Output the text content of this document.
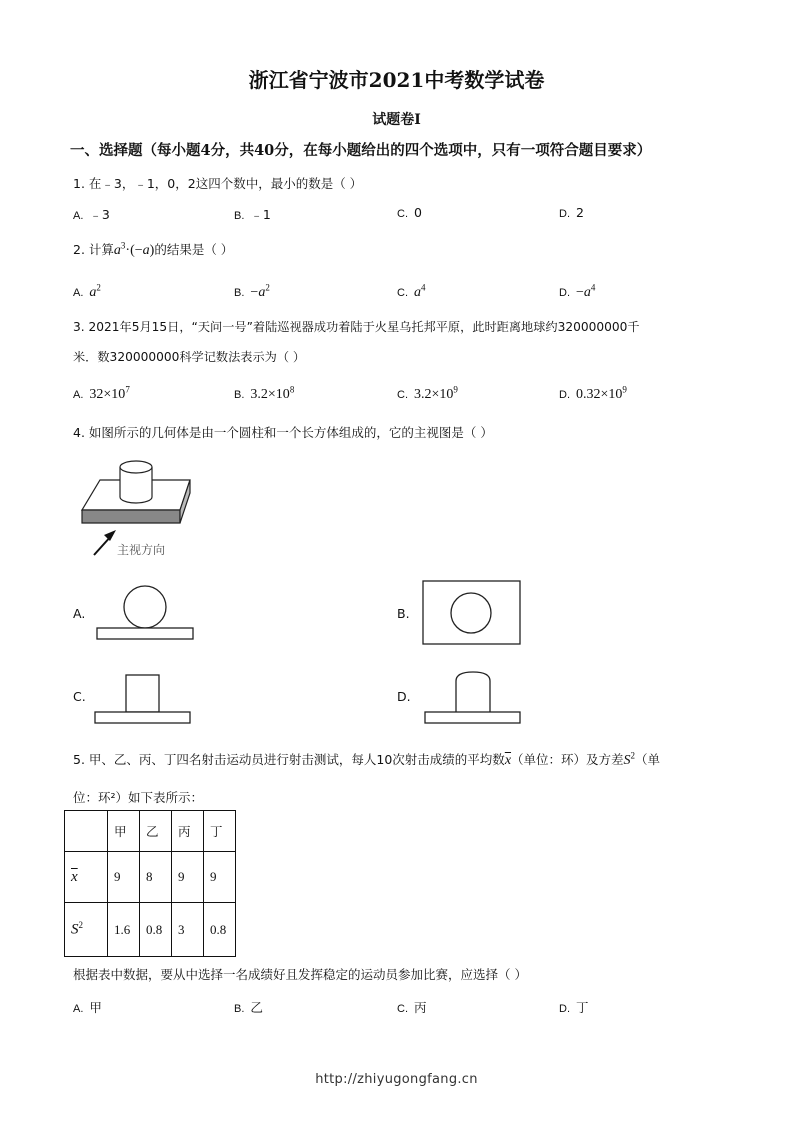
浙江省宁波市2021中考数学试卷
试题卷Ⅰ
一、选择题（每小题4分，共40分，在每小题给出的四个选项中，只有一项符合题目要求）
1. 在﹣3，﹣1，0，2这四个数中，最小的数是（ ）
A. ﹣3	B. ﹣1	C. 0	D. 2
2. 计算$a^3\cdot(-a)$的结果是（ ）
A. $a^2$	B. $-a^2$	C. $a^4$	D. $-a^4$
3. 2021年5月15日，“天问一号”着陆巡视器成功着陆于火星乌托邦平原，此时距离地球约320000000千
米．数320000000科学记数法表示为（ ）
A. $32\times 10^7$	B. $3.2\times 10^8$	C. $3.2\times 10^9$	D. $0.32\times 10^9$
4. 如图所示的几何体是由一个圆柱和一个长方体组成的，它的主视图是（ ）
主视方向
A.	B.
C.	D.
5. 甲、乙、丙、丁四名射击运动员进行射击测试，每人10次射击成绩的平均数$\overline{x}$（单位：环）及方差$S^2$（单
位：环²）如下表所示：
	甲	乙	丙	丁
$\overline{x}$	9	8	9	9
$S^2$	1.6	0.8	3	0.8
根据表中数据，要从中选择一名成绩好且发挥稳定的运动员参加比赛，应选择（ ）
A. 甲	B. 乙	C. 丙	D. 丁
http://zhiyugongfang.cn
